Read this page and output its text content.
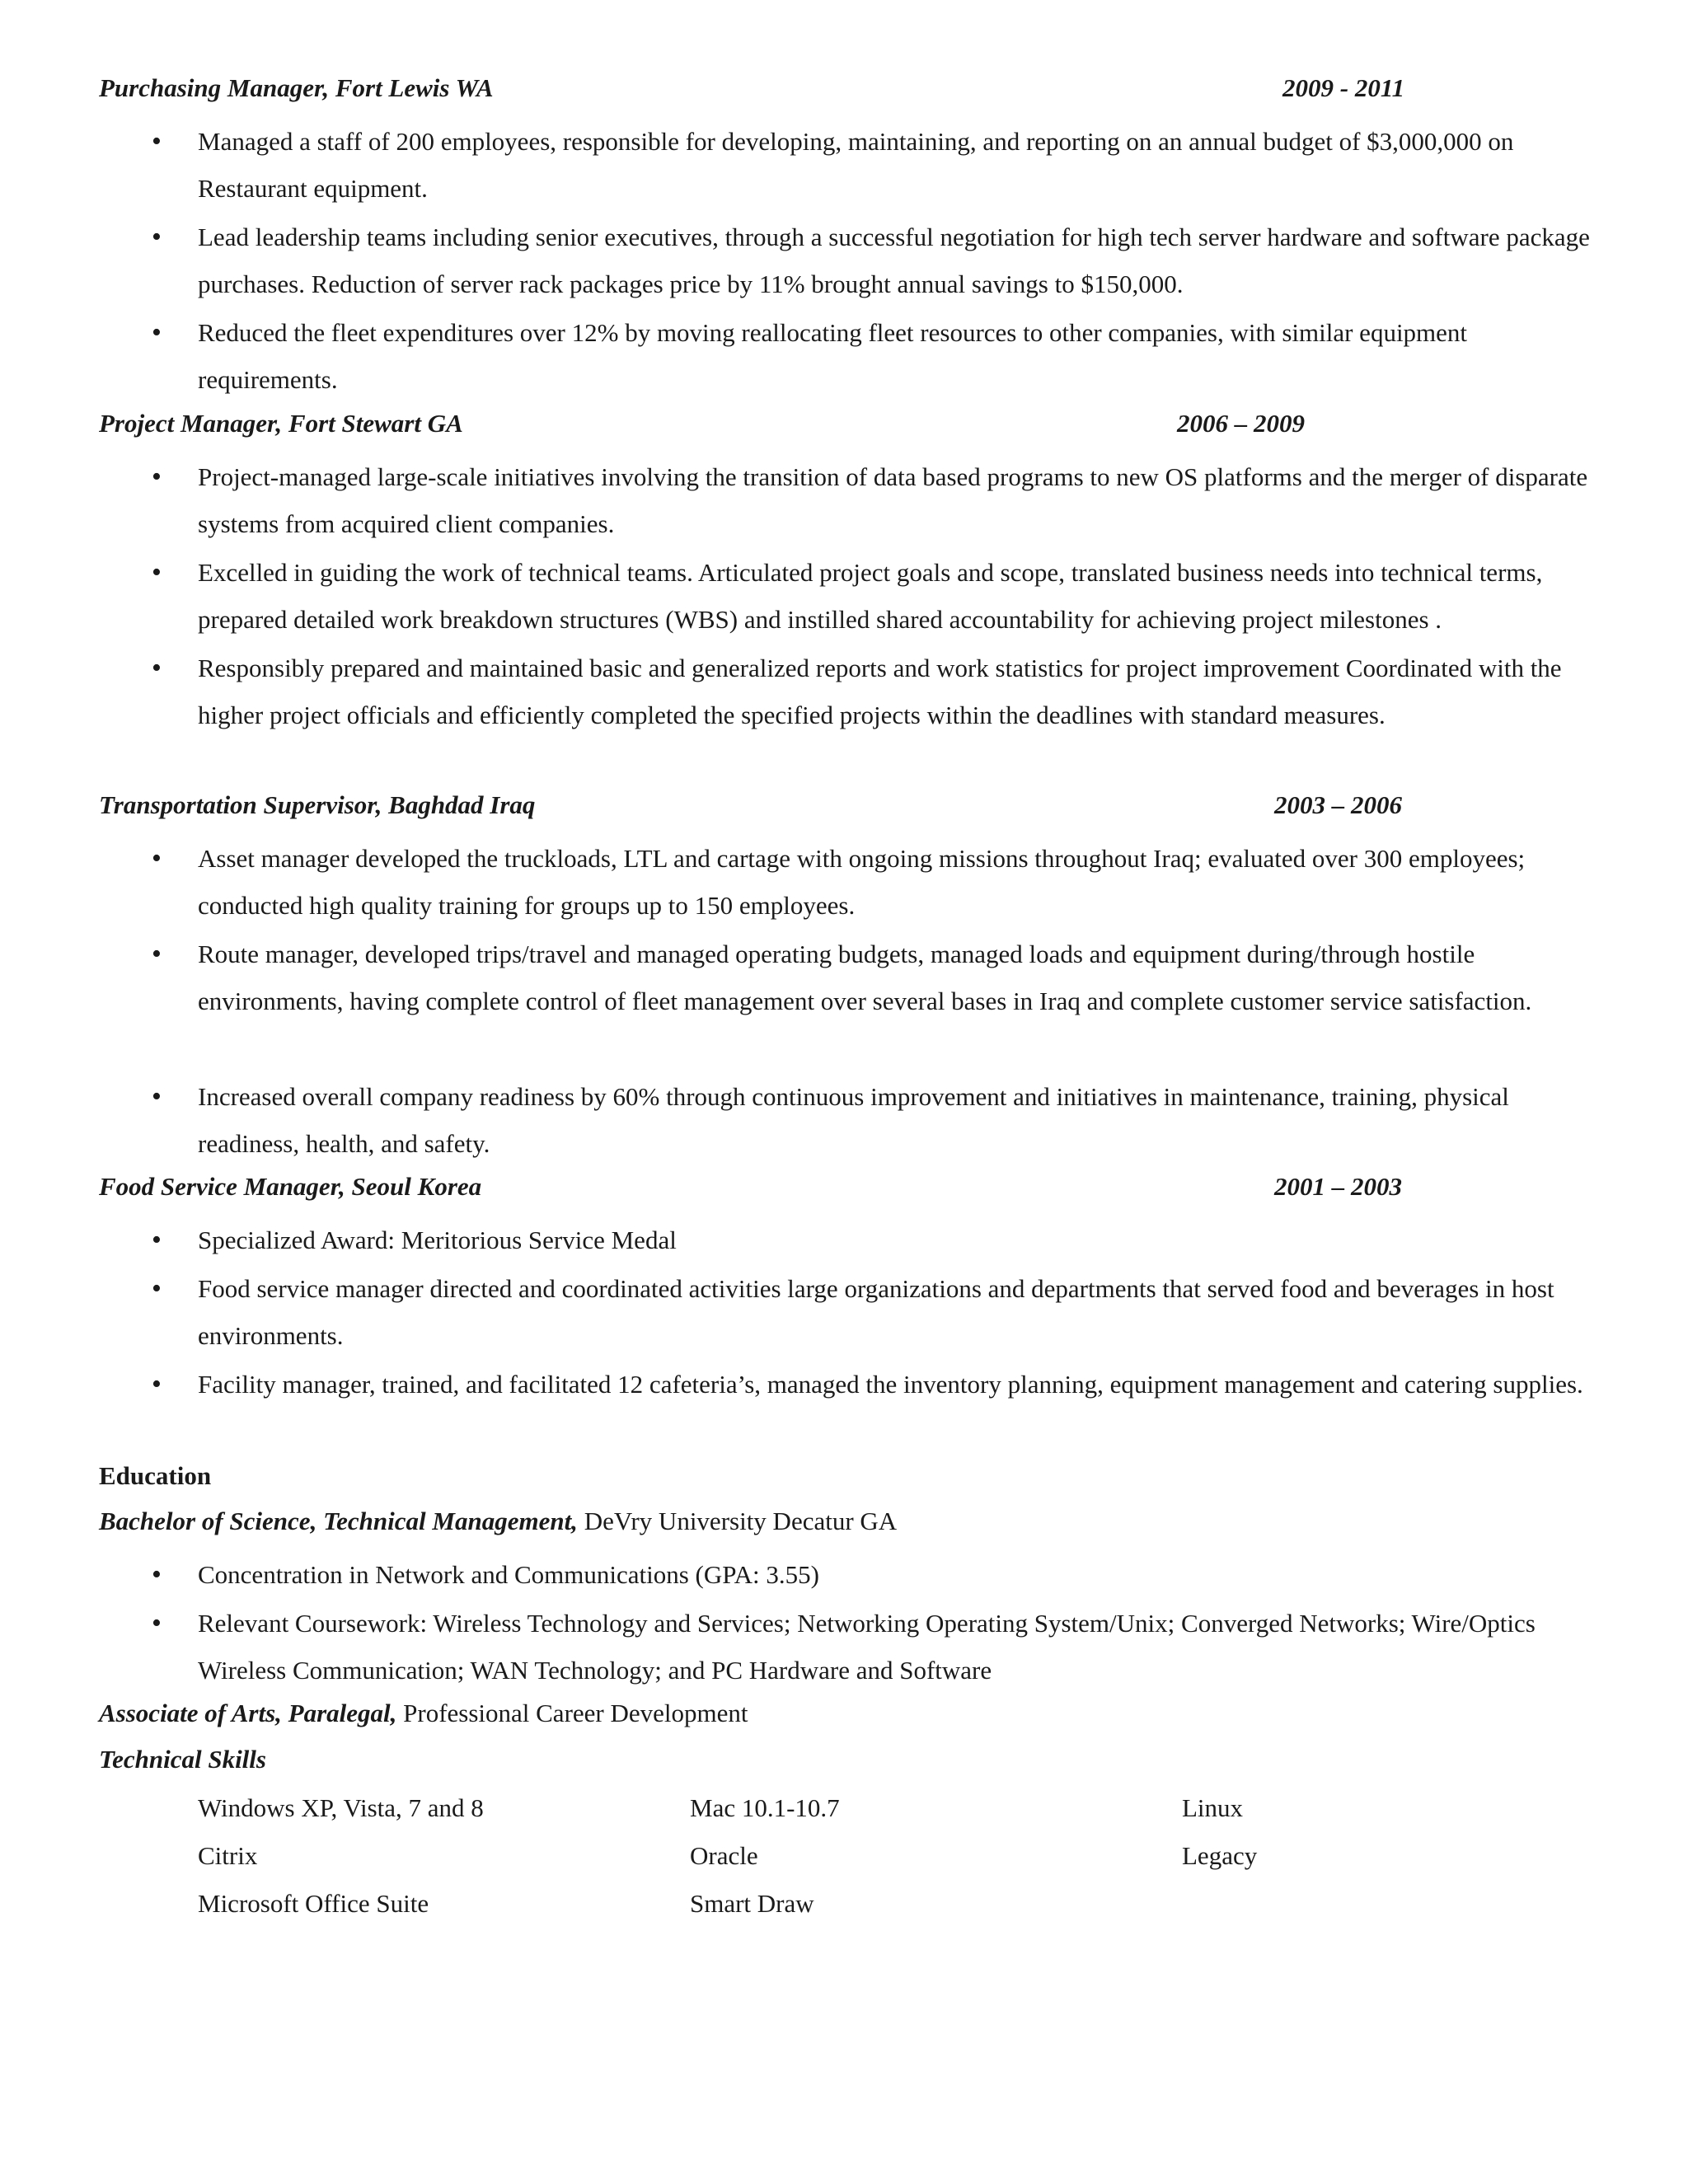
Purchasing Manager, Fort Lewis WA	2009 - 2011
• Managed a staff of 200 employees, responsible for developing, maintaining, and reporting on an annual budget of $3,000,000 on Restaurant equipment.
• Lead leadership teams including senior executives, through a successful negotiation for high tech server hardware and software package purchases. Reduction of server rack packages price by 11% brought annual savings to $150,000.
• Reduced the fleet expenditures over 12% by moving reallocating fleet resources to other companies, with similar equipment requirements.
Project Manager, Fort Stewart GA	2006 – 2009
• Project-managed large-scale initiatives involving the transition of data based programs to new OS platforms and the merger of disparate systems from acquired client companies.
• Excelled in guiding the work of technical teams. Articulated project goals and scope, translated business needs into technical terms, prepared detailed work breakdown structures (WBS) and instilled shared accountability for achieving project milestones .
• Responsibly prepared and maintained basic and generalized reports and work statistics for project improvement Coordinated with the higher project officials and efficiently completed the specified projects within the deadlines with standard measures.
Transportation Supervisor, Baghdad Iraq	2003 – 2006
• Asset manager developed the truckloads, LTL and cartage with ongoing missions throughout Iraq; evaluated over 300 employees; conducted high quality training for groups up to 150 employees.
• Route manager, developed trips/travel and managed operating budgets, managed loads and equipment during/through hostile environments, having complete control of fleet management over several bases in Iraq and complete customer service satisfaction.
• Increased overall company readiness by 60% through continuous improvement and initiatives in maintenance, training, physical readiness, health, and safety.
Food Service Manager, Seoul Korea	2001 – 2003
• Specialized Award: Meritorious Service Medal
• Food service manager directed and coordinated activities large organizations and departments that served food and beverages in host environments.
• Facility manager, trained, and facilitated 12 cafeteria’s, managed the inventory planning, equipment management and catering supplies.
Education
Bachelor of Science, Technical Management, DeVry University Decatur GA
• Concentration in Network and Communications (GPA: 3.55)
• Relevant Coursework: Wireless Technology and Services; Networking Operating System/Unix; Converged Networks; Wire/Optics Wireless Communication; WAN Technology; and PC Hardware and Software
Associate of Arts, Paralegal, Professional Career Development
Technical Skills
Windows XP, Vista, 7 and 8	Mac 10.1-10.7	Linux
Citrix	Oracle	Legacy
Microsoft Office Suite	Smart Draw
